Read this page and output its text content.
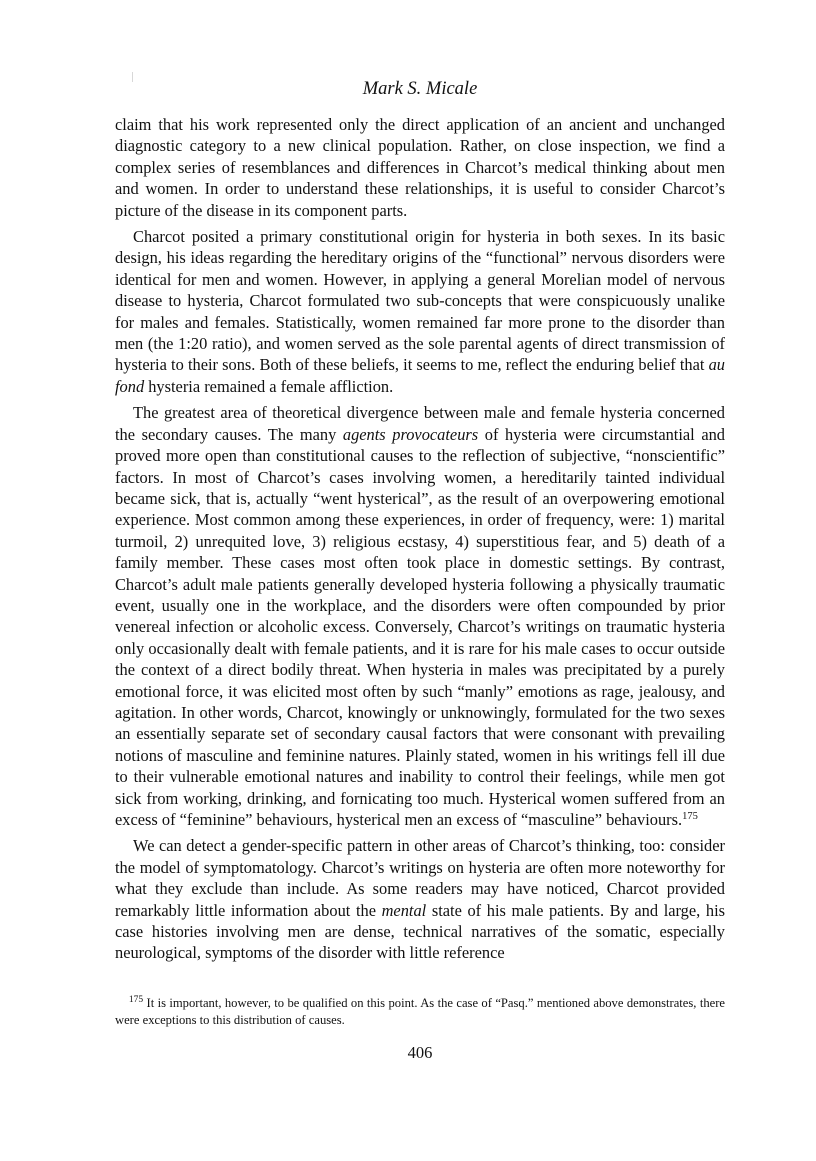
Mark S. Micale

claim that his work represented only the direct application of an ancient and unchanged diagnostic category to a new clinical population. Rather, on close inspection, we find a complex series of resemblances and differences in Charcot’s medical thinking about men and women. In order to understand these relationships, it is useful to consider Charcot’s picture of the disease in its component parts.

Charcot posited a primary constitutional origin for hysteria in both sexes. In its basic design, his ideas regarding the hereditary origins of the “functional” nervous disorders were identical for men and women. However, in applying a general Morelian model of nervous disease to hysteria, Charcot formulated two sub-concepts that were conspicuously unalike for males and females. Statistically, women remained far more prone to the disorder than men (the 1:20 ratio), and women served as the sole parental agents of direct transmission of hysteria to their sons. Both of these beliefs, it seems to me, reflect the enduring belief that au fond hysteria remained a female affliction.

The greatest area of theoretical divergence between male and female hysteria concerned the secondary causes. The many agents provocateurs of hysteria were circumstantial and proved more open than constitutional causes to the reflection of subjective, “nonscientific” factors. In most of Charcot’s cases involving women, a hereditarily tainted individual became sick, that is, actually “went hysterical”, as the result of an overpowering emotional experience. Most common among these experiences, in order of frequency, were: 1) marital turmoil, 2) unrequited love, 3) religious ecstasy, 4) superstitious fear, and 5) death of a family member. These cases most often took place in domestic settings. By contrast, Charcot’s adult male patients generally developed hysteria following a physically traumatic event, usually one in the workplace, and the disorders were often compounded by prior venereal infection or alcoholic excess. Conversely, Charcot’s writings on traumatic hysteria only occasionally dealt with female patients, and it is rare for his male cases to occur outside the context of a direct bodily threat. When hysteria in males was precipitated by a purely emotional force, it was elicited most often by such “manly” emotions as rage, jealousy, and agitation. In other words, Charcot, knowingly or unknowingly, formulated for the two sexes an essentially separate set of secondary causal factors that were consonant with prevailing notions of masculine and feminine natures. Plainly stated, women in his writings fell ill due to their vulnerable emotional natures and inability to control their feelings, while men got sick from working, drinking, and fornicating too much. Hysterical women suffered from an excess of “feminine” behaviours, hysterical men an excess of “masculine” behaviours.$^{175}$

We can detect a gender-specific pattern in other areas of Charcot’s thinking, too: consider the model of symptomatology. Charcot’s writings on hysteria are often more noteworthy for what they exclude than include. As some readers may have noticed, Charcot provided remarkably little information about the mental state of his male patients. By and large, his case histories involving men are dense, technical narratives of the somatic, especially neurological, symptoms of the disorder with little reference

$^{175}$ It is important, however, to be qualified on this point. As the case of “Pasq.” mentioned above demonstrates, there were exceptions to this distribution of causes.

406
